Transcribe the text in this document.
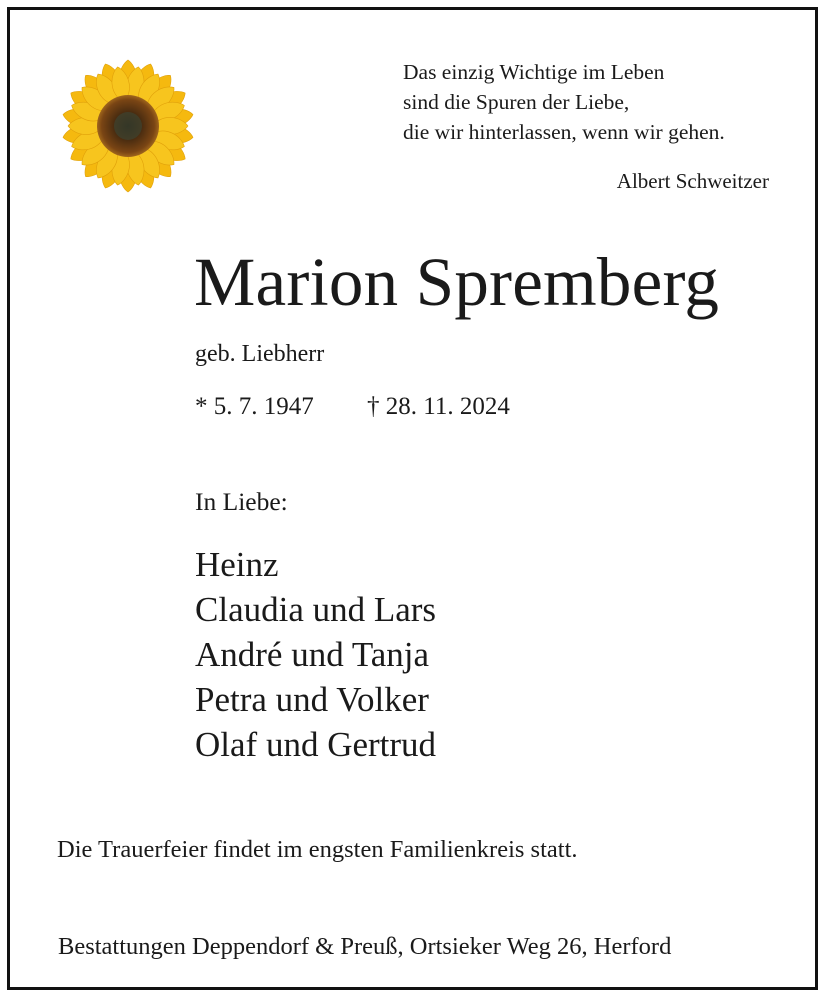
Das einzig Wichtige im Leben
sind die Spuren der Liebe,
die wir hinterlassen, wenn wir gehen.
Albert Schweitzer
Marion Spremberg
geb. Liebherr
* 5. 7. 1947 † 28. 11. 2024
In Liebe:
Heinz
Claudia und Lars
André und Tanja
Petra und Volker
Olaf und Gertrud
Die Trauerfeier findet im engsten Familienkreis statt.
Bestattungen Deppendorf & Preuß, Ortsieker Weg 26, Herford
